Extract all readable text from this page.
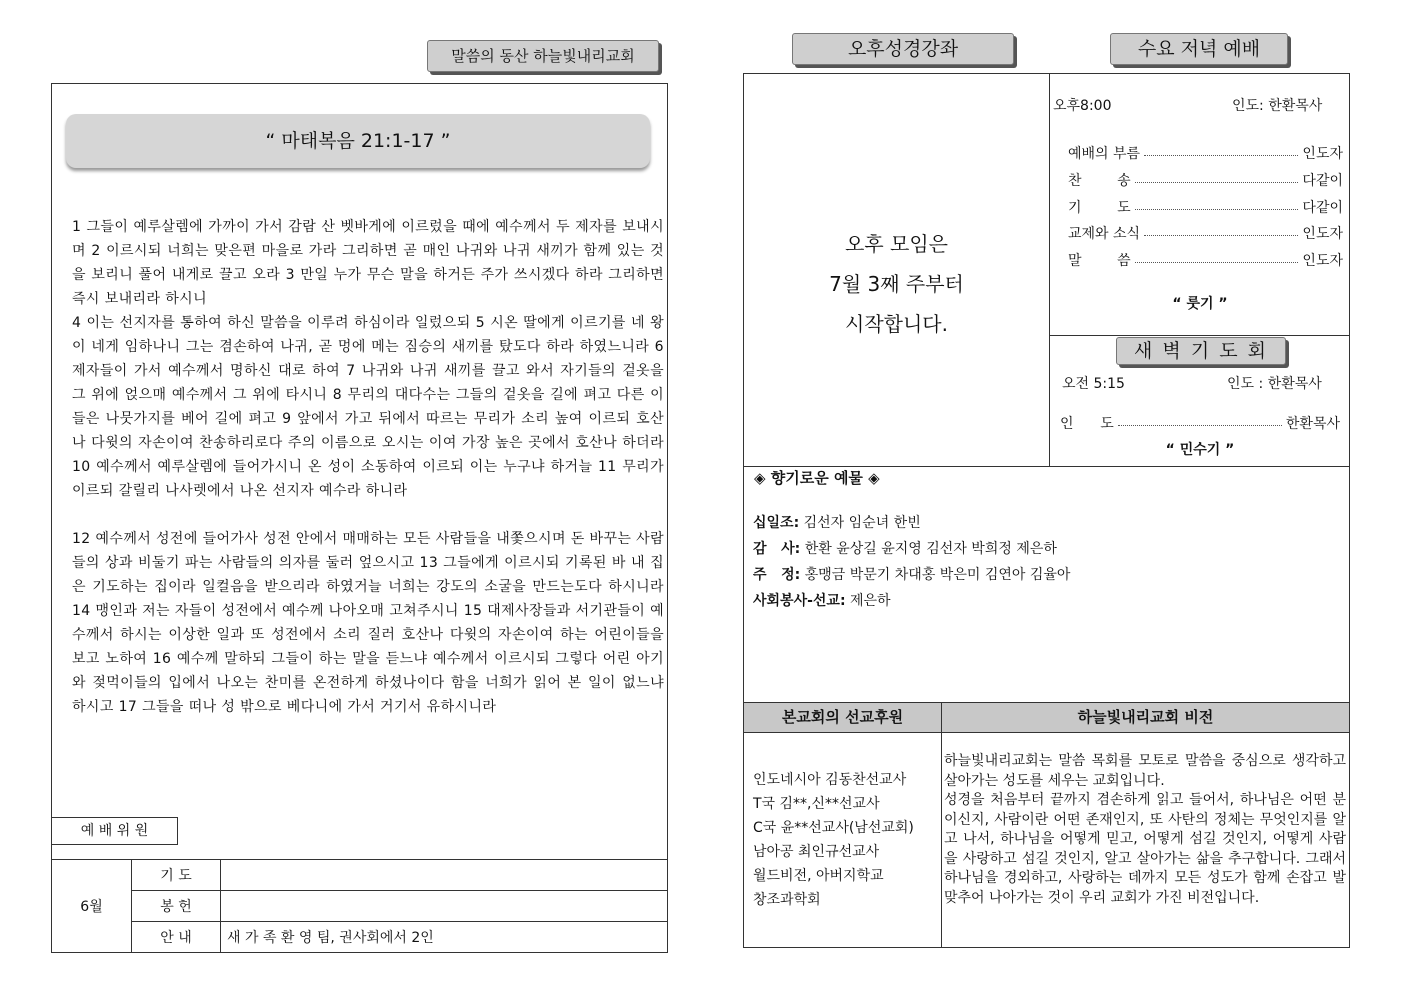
말씀의 동산 하늘빛내리교회
“ 마태복음 21:1-17 ”

1 그들이 예루살렘에 가까이 가서 감람 산 벳바게에 이르렀을 때에 예수께서 두 제자를 보내시며 2 이르시되 너희는 맞은편 마을로 가라 그리하면 곧 매인 나귀와 나귀 새끼가 함께 있는 것을 보리니 풀어 내게로 끌고 오라 3 만일 누가 무슨 말을 하거든 주가 쓰시겠다 하라 그리하면 즉시 보내리라 하시니

4 이는 선지자를 통하여 하신 말씀을 이루려 하심이라 일렀으되 5 시온 딸에게 이르기를 네 왕이 네게 임하나니 그는 겸손하여 나귀, 곧 멍에 메는 짐승의 새끼를 탔도다 하라 하였느니라 6 제자들이 가서 예수께서 명하신 대로 하여 7 나귀와 나귀 새끼를 끌고 와서 자기들의 겉옷을 그 위에 얹으매 예수께서 그 위에 타시니 8 무리의 대다수는 그들의 겉옷을 길에 펴고 다른 이들은 나뭇가지를 베어 길에 펴고 9 앞에서 가고 뒤에서 따르는 무리가 소리 높여 이르되 호산나 다윗의 자손이여 찬송하리로다 주의 이름으로 오시는 이여 가장 높은 곳에서 호산나 하더라 10 예수께서 예루살렘에 들어가시니 온 성이 소동하여 이르되 이는 누구냐 하거늘 11 무리가 이르되 갈릴리 나사렛에서 나온 선지자 예수라 하니라

12 예수께서 성전에 들어가사 성전 안에서 매매하는 모든 사람들을 내쫓으시며 돈 바꾸는 사람들의 상과 비둘기 파는 사람들의 의자를 둘러 엎으시고 13 그들에게 이르시되 기록된 바 내 집은 기도하는 집이라 일컬음을 받으리라 하였거늘 너희는 강도의 소굴을 만드는도다 하시니라 14 맹인과 저는 자들이 성전에서 예수께 나아오매 고쳐주시니 15 대제사장들과 서기관들이 예수께서 하시는 이상한 일과 또 성전에서 소리 질러 호산나 다윗의 자손이여 하는 어린이들을 보고 노하여 16 예수께 말하되 그들이 하는 말을 듣느냐 예수께서 이르시되 그렇다 어린 아기와 젖먹이들의 입에서 나오는 찬미를 온전하게 하셨나이다 함을 너희가 읽어 본 일이 없느냐 하시고 17 그들을 떠나 성 밖으로 베다니에 가서 거기서 유하시니라

예 배 위 원
6월	기 도	
	봉 헌	
	안 내	새 가 족 환 영 팀, 권사회에서 2인
오후성경강좌	수요 저녁 예배
오후 모임은
7월 3째 주부터
시작합니다.
오후8:00	인도: 한환목사
예배의 부름	인도자
찬        송	다같이
기        도	다같이
교제와 소식	인도자
말        씀	인도자
“ 룻기 ”
새 벽 기 도 회
오전 5:15	인도 : 한환목사
인      도	한환목사
“ 민수기 ”
◈ 향기로운 예물 ◈
십일조: 김선자 임순녀 한빈
감   사: 한환 윤상길 윤지영 김선자 박희정 제은하
주   정: 홍맹금 박문기 차대홍 박은미 김연아 김율아
사회봉사-선교: 제은하
본교회의 선교후원	하늘빛내리교회 비전
인도네시아 김동찬선교사
T국 김**,신**선교사
C국 윤**선교사(남선교회)
남아공 최인규선교사
월드비전, 아버지학교
창조과학회
하늘빛내리교회는 말씀 목회를 모토로 말씀을 중심으로 생각하고 살아가는 성도를 세우는 교회입니다.
성경을 처음부터 끝까지 겸손하게 읽고 들어서, 하나님은 어떤 분이신지, 사람이란 어떤 존재인지, 또 사탄의 정체는 무엇인지를 알고 나서, 하나님을 어떻게 믿고, 어떻게 섬길 것인지, 어떻게 사람을 사랑하고 섬길 것인지, 알고 살아가는 삶을 추구합니다. 그래서 하나님을 경외하고, 사랑하는 데까지 모든 성도가 함께 손잡고 발 맞추어 나아가는 것이 우리 교회가 가진 비전입니다.
